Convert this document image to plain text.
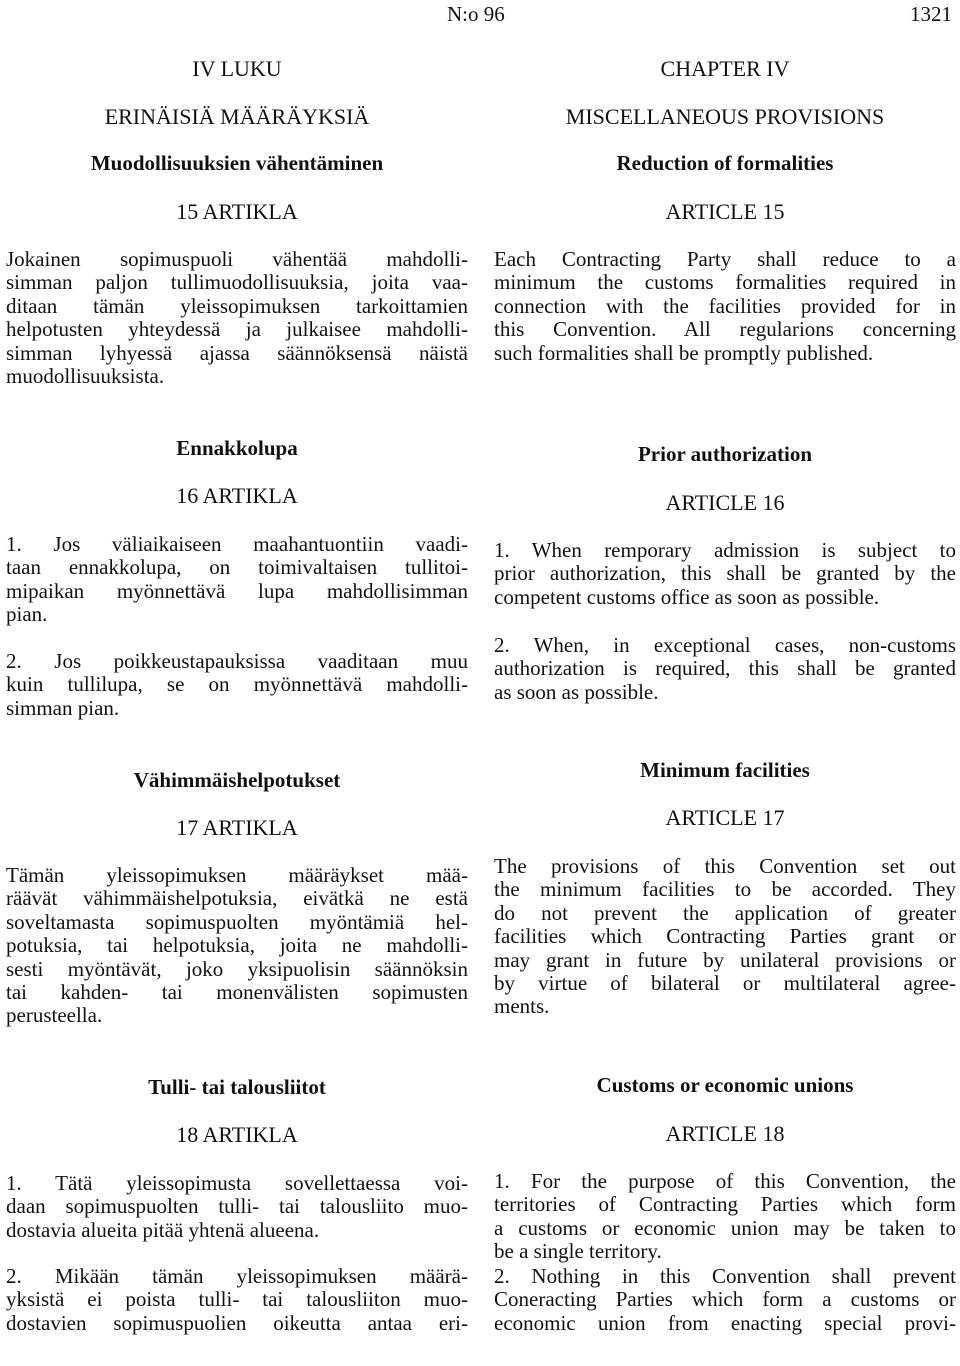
N:o 96	1321
IV LUKU
ERINÄISIÄ MÄÄRÄYKSIÄ
Muodollisuuksien vähentäminen
15 ARTIKLA
Jokainen sopimuspuoli vähentää mahdolli-
simman paljon tullimuodollisuuksia, joita vaa-
ditaan tämän yleissopimuksen tarkoittamien
helpotusten yhteydessä ja julkaisee mahdolli-
simman lyhyessä ajassa säännöksensä näistä
muodollisuuksista.
Ennakkolupa
16 ARTIKLA
1. Jos väliaikaiseen maahantuontiin vaadi-
taan ennakkolupa, on toimivaltaisen tullitoi-
mipaikan myönnettävä lupa mahdollisimman
pian.
2. Jos poikkeustapauksissa vaaditaan muu
kuin tullilupa, se on myönnettävä mahdolli-
simman pian.
Vähimmäishelpotukset
17 ARTIKLA
Tämän yleissopimuksen määräykset mää-
räävät vähimmäishelpotuksia, eivätkä ne estä
soveltamasta sopimuspuolten myöntämiä hel-
potuksia, tai helpotuksia, joita ne mahdolli-
sesti myöntävät, joko yksipuolisin säännöksin
tai kahden- tai monenvälisten sopimusten
perusteella.
Tulli- tai talousliitot
18 ARTIKLA
1. Tätä yleissopimusta sovellettaessa voi-
daan sopimuspuolten tulli- tai talousliito muo-
dostavia alueita pitää yhtenä alueena.
2. Mikään tämän yleissopimuksen määrä-
yksistä ei poista tulli- tai talousliiton muo-
dostavien sopimuspuolien oikeutta antaa eri-
CHAPTER IV
MISCELLANEOUS PROVISIONS
Reduction of formalities
ARTICLE 15
Each Contracting Party shall reduce to a
minimum the customs formalities required in
connection with the facilities provided for in
this Convention. All regularions concerning
such formalities shall be promptly published.
Prior authorization
ARTICLE 16
1. When remporary admission is subject to
prior authorization, this shall be granted by the
competent customs office as soon as possible.
2. When, in exceptional cases, non-customs
authorization is required, this shall be granted
as soon as possible.
Minimum facilities
ARTICLE 17
The provisions of this Convention set out
the minimum facilities to be accorded. They
do not prevent the application of greater
facilities which Contracting Parties grant or
may grant in future by unilateral provisions or
by virtue of bilateral or multilateral agree-
ments.
Customs or economic unions
ARTICLE 18
1. For the purpose of this Convention, the
territories of Contracting Parties which form
a customs or economic union may be taken to
be a single territory.
2. Nothing in this Convention shall prevent
Coneracting Parties which form a customs or
economic union from enacting special provi-
